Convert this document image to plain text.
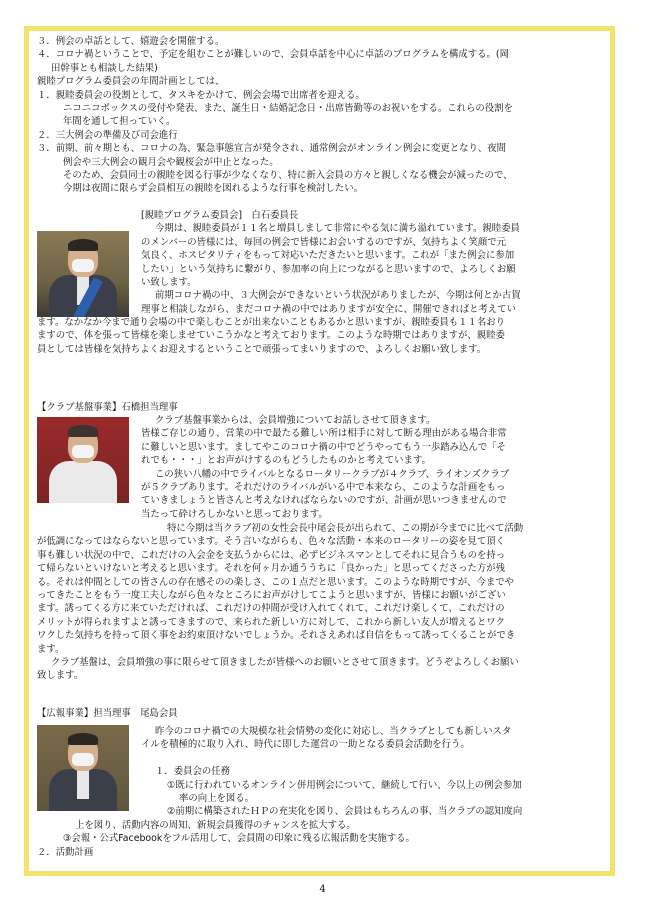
３．例会の卓話として、嬉遊会を開催する。
４．コロナ禍ということで、予定を組むことが難しいので、会員卓話を中心に卓話のプログラムを構成する。(岡
田幹事とも相談した結果)
親睦プログラム委員会の年間計画としては、
１．親睦委員会の役割として、タスキをかけて、例会会場で出席者を迎える。
ニコニコボックスの受付や発表、また、誕生日・結婚記念日・出席皆勤等のお祝いをする。これらの役割を
年間を通して担っていく。
２．三大例会の準備及び司会進行
３．前期、前々期とも、コロナの為、緊急事態宣言が発令され、通常例会がオンライン例会に変更となり、夜間
例会や三大例会の観月会や観桜会が中止となった。
そのため、会員同士の親睦を図る行事が少なくなり、特に新入会員の方々と親しくなる機会が減ったので、
今期は夜間に限らず会員相互の親睦を図れるような行事を検討したい。
[親睦プログラム委員会]　白石委員長
今期は、親睦委員が１１名と増員しまして非常にやる気に満ち溢れています。親睦委員
のメンバーの皆様には、毎回の例会で皆様にお会いするのですが、気持ちよく笑顔で元
気良く、ホスピタリティをもって対応いただきたいと思います。これが「また例会に参加
したい」という気持ちに繋がり、参加率の向上につながると思いますので、よろしくお願
い致します。
前期コロナ禍の中、３大例会ができないという状況がありましたが、今期は何とか古賀
理事と相談しながら、まだコロナ禍の中ではありますが安全に、開催できればと考えてい
ます。なかなか今まで通り会場の中で楽しむことが出来ないこともあるかと思いますが、親睦委員も１１名おり
ますので、体を張って皆様を楽しませていこうかなと考えております。このような時期ではありますが、親睦委
員としては皆様を気持ちよくお迎えするということで頑張ってまいりますので、よろしくお願い致します。
【クラブ基盤事業】石橋担当理事
クラブ基盤事業からは、会員増強についてお話しさせて頂きます。
皆様ご存じの通り、営業の中で最たる難しい所は相手に対して断る理由がある場合非常
に難しいと思います。ましてやこのコロナ禍の中でどうやってもう一歩踏み込んで「そ
れでも・・・」とお声がけするのもどうしたものかと考えています。
この狭い八幡の中でライバルとなるロータリークラブが４クラブ、ライオンズクラブ
が５クラブあります。それだけのライバルがいる中で本来なら、このような計画をもっ
ていきましょうと皆さんと考えなければならないのですが、計画が思いつきませんので
当たって砕けろしかないと思っております。
特に今期は当クラブ初の女性会長中尾会長が出られて、この期が今までに比べて活動
が低調になってはならないと思っています。そう言いながらも、色々な活動・本来のロータリーの姿を見て頂く
事も難しい状況の中で、これだけの入会金を支払うからには、必ずビジネスマンとしてそれに見合うものを持っ
て帰らないといけないと考えると思います。それを何ヶ月か通ううちに「良かった」と思ってくださった方が残
る。それは仲間としての皆さんの存在感そのの楽しさ、この１点だと思います。このような時期ですが、今までや
ってきたことをもう一度工夫しながら色々なところにお声がけしてこようと思いますが、皆様にお願いがござい
ます。誘ってくる方に来ていただければ、これだけの仲間が受け入れてくれて、これだけ楽しくて、これだけの
メリットが得られますよと誘ってきますので、来られた新しい方に対して、これから新しい友人が増えるとワク
ワクした気持ちを持って頂く事をお約束頂けないでしょうか。それさえあれば自信をもって誘ってくることができ
ます。
クラブ基盤は、会員増強の事に限らせて頂きましたが皆様へのお願いとさせて頂きます。どうぞよろしくお願い
致します。
【広報事業】担当理事　尾島会員
昨今のコロナ禍での大規模な社会情勢の変化に対応し、当クラブとしても新しいスタ
イルを積極的に取り入れ、時代に即した運営の一助となる委員会活動を行う。

１．委員会の任務
①既に行われているオンライン併用例会について、継続して行い、今以上の例会参加
率の向上を図る。
②前期に構築されたＨＰの充実化を図り、会員はもちろんの事、当クラブの認知度向
上を図り、活動内容の周知、新規会員獲得のチャンスを拡大する。
③会報・公式Facebookをフル活用して、会員間の印象に残る広報活動を実施する。
２．活動計画
4
